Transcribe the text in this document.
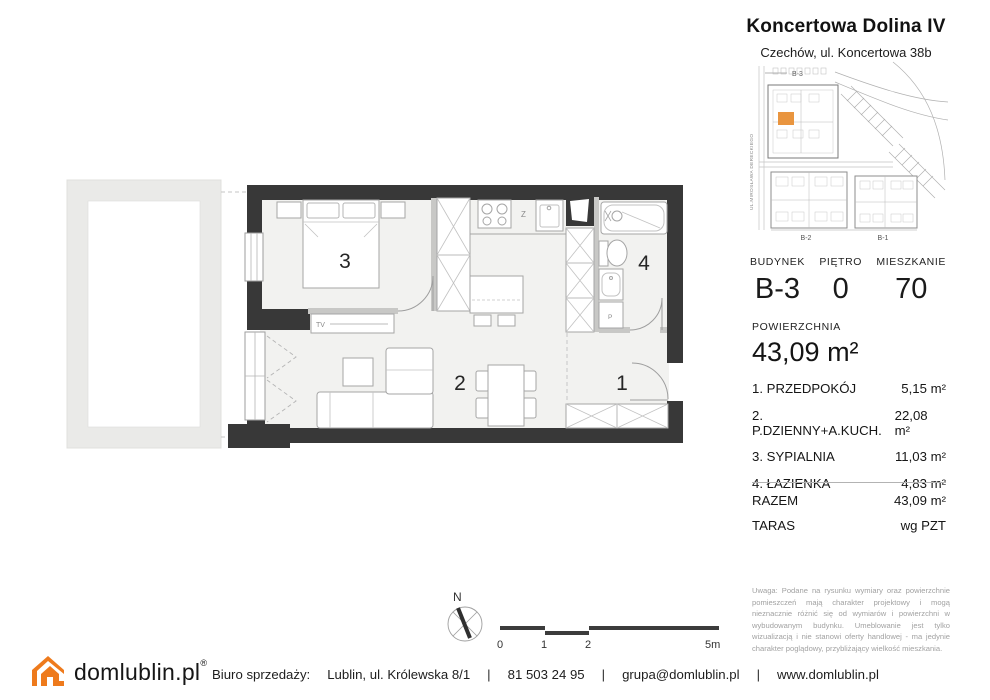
Z
P
TV
3
2	1
4
N
0	1	2	5m
Koncertowa Dolina IV
Czechów, ul. Koncertowa 38b
B-3
UL.MIROSŁAWA DERECKIEGO
B-2	B-1
BUDYNEK
B-3
PIĘTRO
0
MIESZKANIE
70
POWIERZCHNIA
43,09 m²
1. PRZEDPOKÓJ	5,15 m²
2. P.DZIENNY+A.KUCH.
22,08 m²
3. SYPIALNIA	11,03 m²
4. ŁAZIENKA	4,83 m²
RAZEM	43,09 m²
TARAS	wg PZT
Uwaga: Podane na rysunku wymiary oraz powierzchnie pomieszczeń mają charakter projektowy i mogą nieznacznie różnić się od wymiarów i powierzchni w wybudowanym budynku. Umeblowanie jest tylko wizualizacją i nie stanowi oferty handlowej - ma jedynie charakter poglądowy, przybliżający wielkość mieszkania.
domlublin.pl®
Biuro sprzedaży: Lublin, ul. Królewska 8/1 | 81 503 24 95 | grupa@domlublin.pl | www.domlublin.pl
